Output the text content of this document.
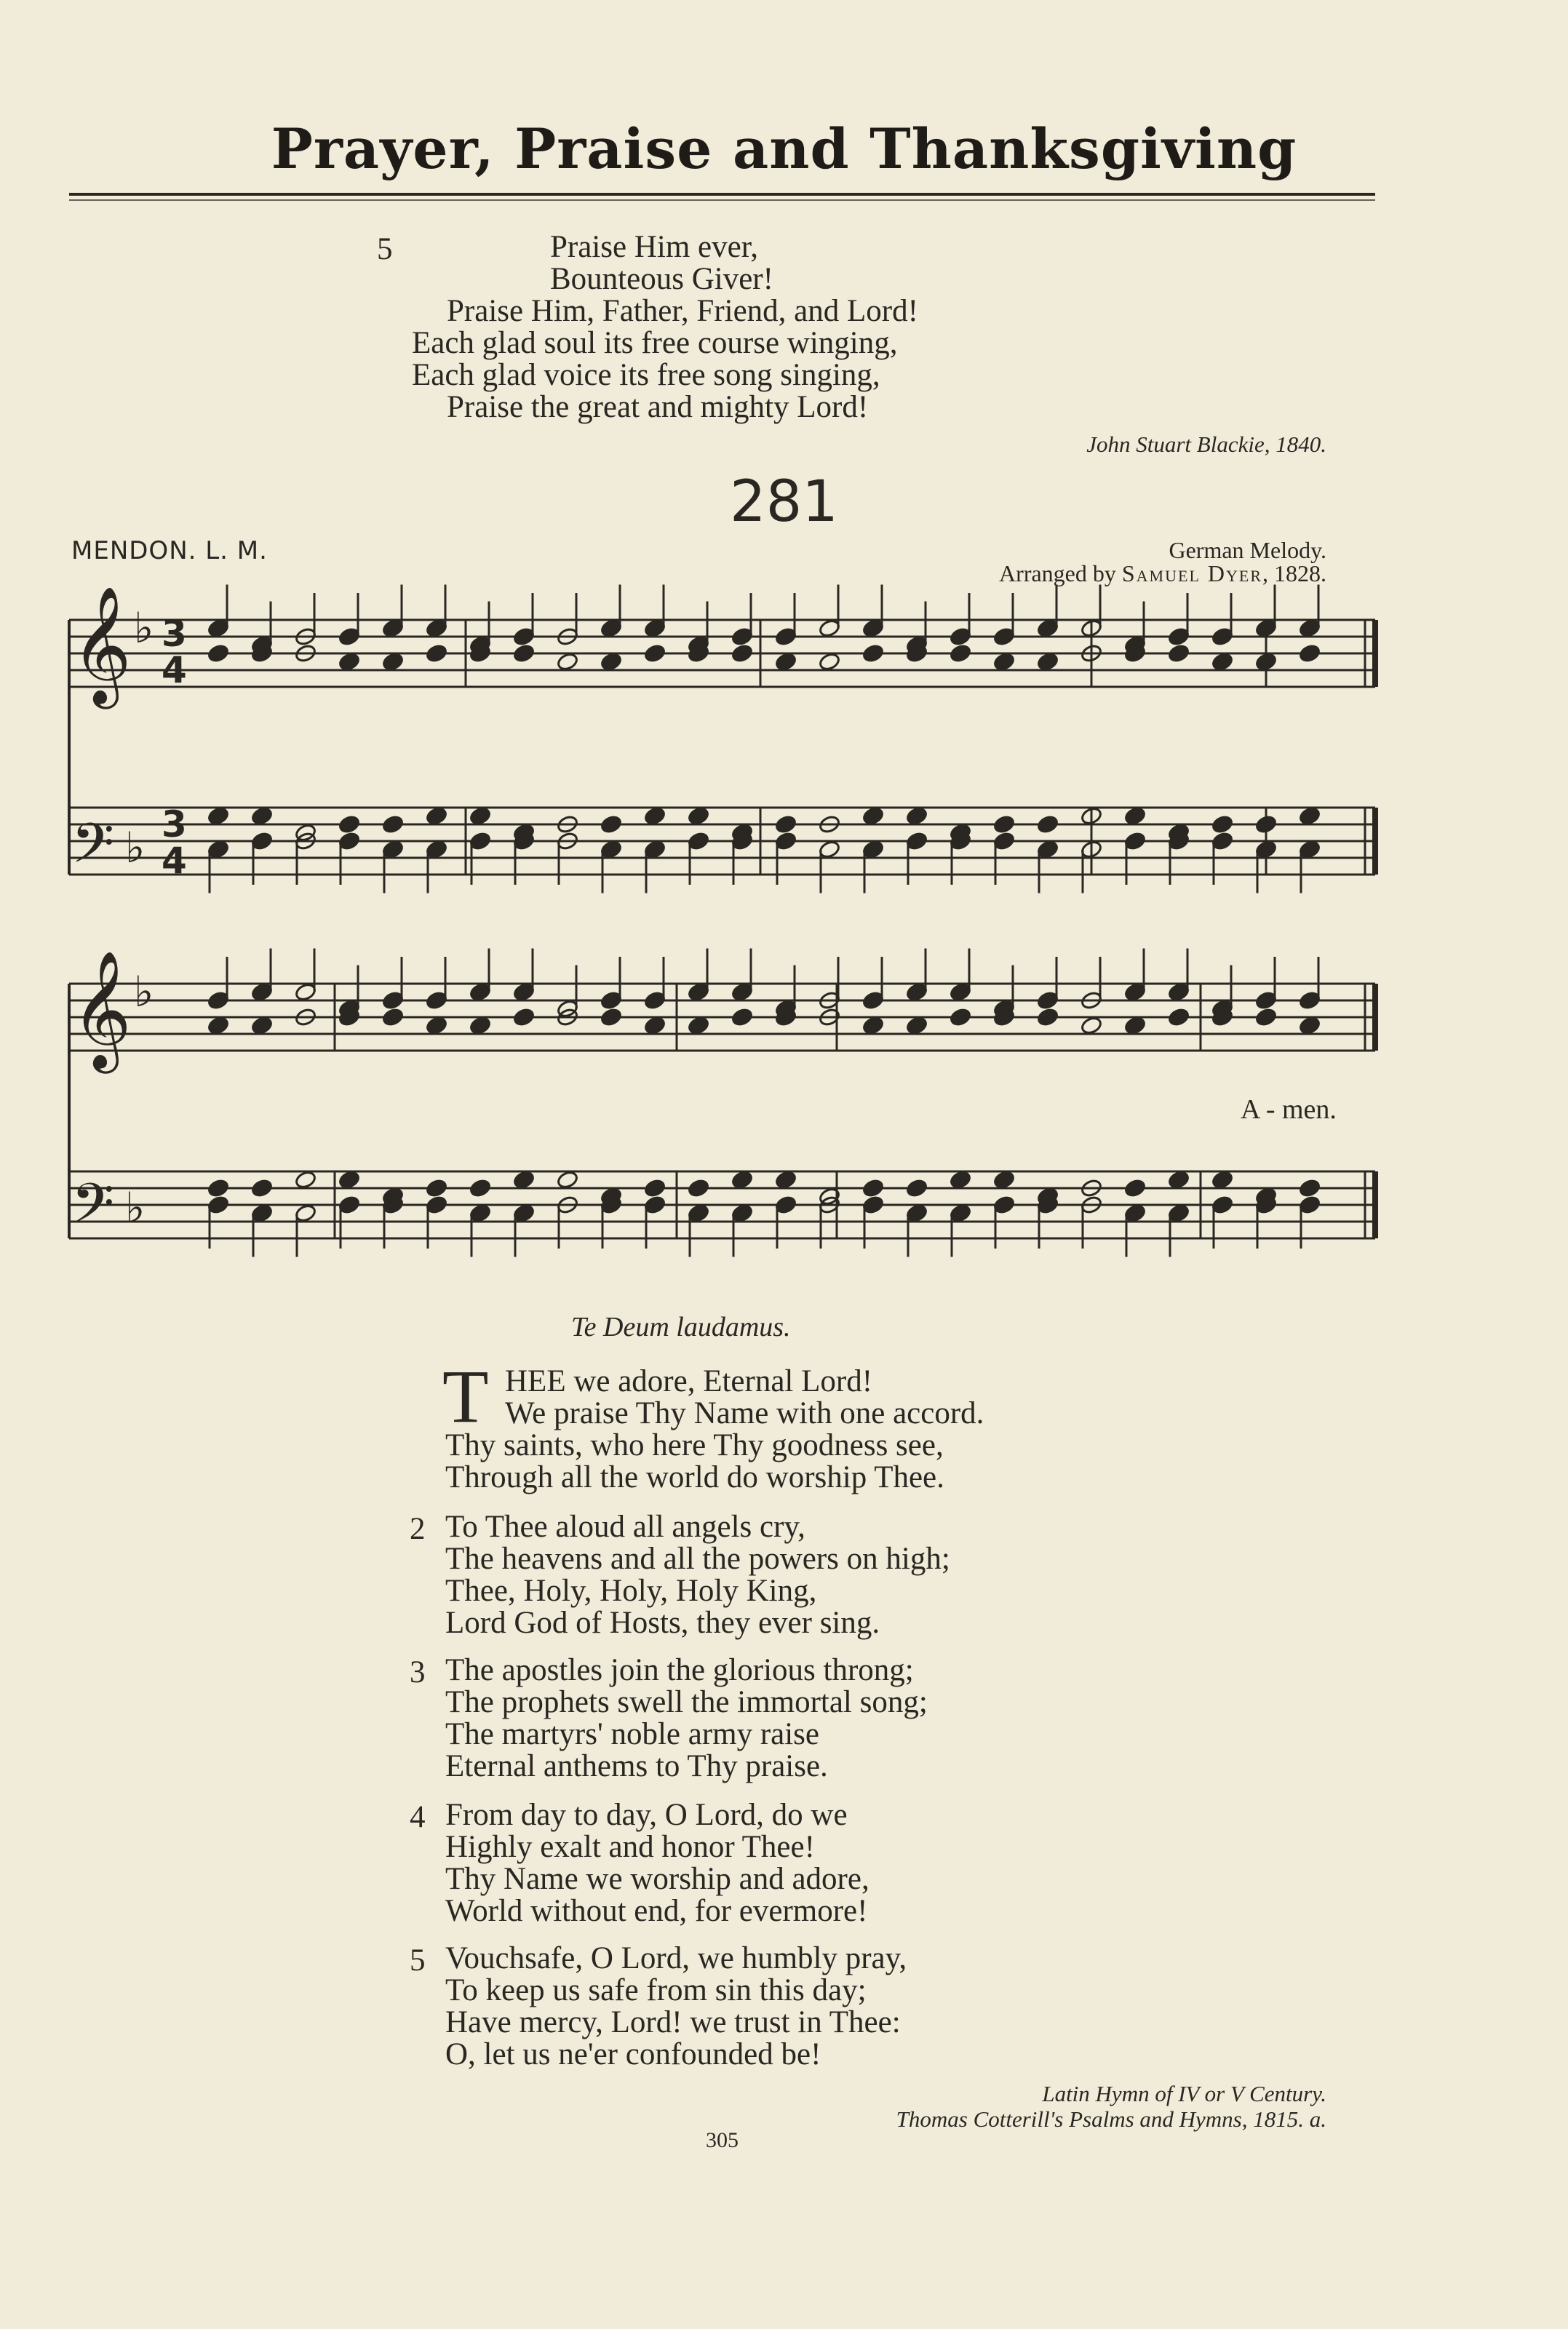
Prayer, Praise and Thanksgiving
5	Praise Him ever,
Bounteous Giver!
Praise Him, Father, Friend, and Lord!
Each glad soul its free course winging,
Each glad voice its free song singing,
Praise the great and mighty Lord!
John Stuart Blackie, 1840.
281
MENDON. L. M.	German Melody.
Arranged by Samuel Dyer, 1828.
𝄞
𝄢
𝄞
𝄢
♭
♭
♭
♭
3
4
3
4
A - men.
Te Deum laudamus.
T HEE we adore, Eternal Lord!
We praise Thy Name with one accord.
Thy saints, who here Thy goodness see,
Through all the world do worship Thee.
2 To Thee aloud all angels cry,
The heavens and all the powers on high;
Thee, Holy, Holy, Holy King,
Lord God of Hosts, they ever sing.
3 The apostles join the glorious throng;
The prophets swell the immortal song;
The martyrs' noble army raise
Eternal anthems to Thy praise.
4 From day to day, O Lord, do we
Highly exalt and honor Thee!
Thy Name we worship and adore,
World without end, for evermore!
5 Vouchsafe, O Lord, we humbly pray,
To keep us safe from sin this day;
Have mercy, Lord! we trust in Thee:
O, let us ne'er confounded be!
Latin Hymn of IV or V Century.
Thomas Cotterill's Psalms and Hymns, 1815. a.
305
